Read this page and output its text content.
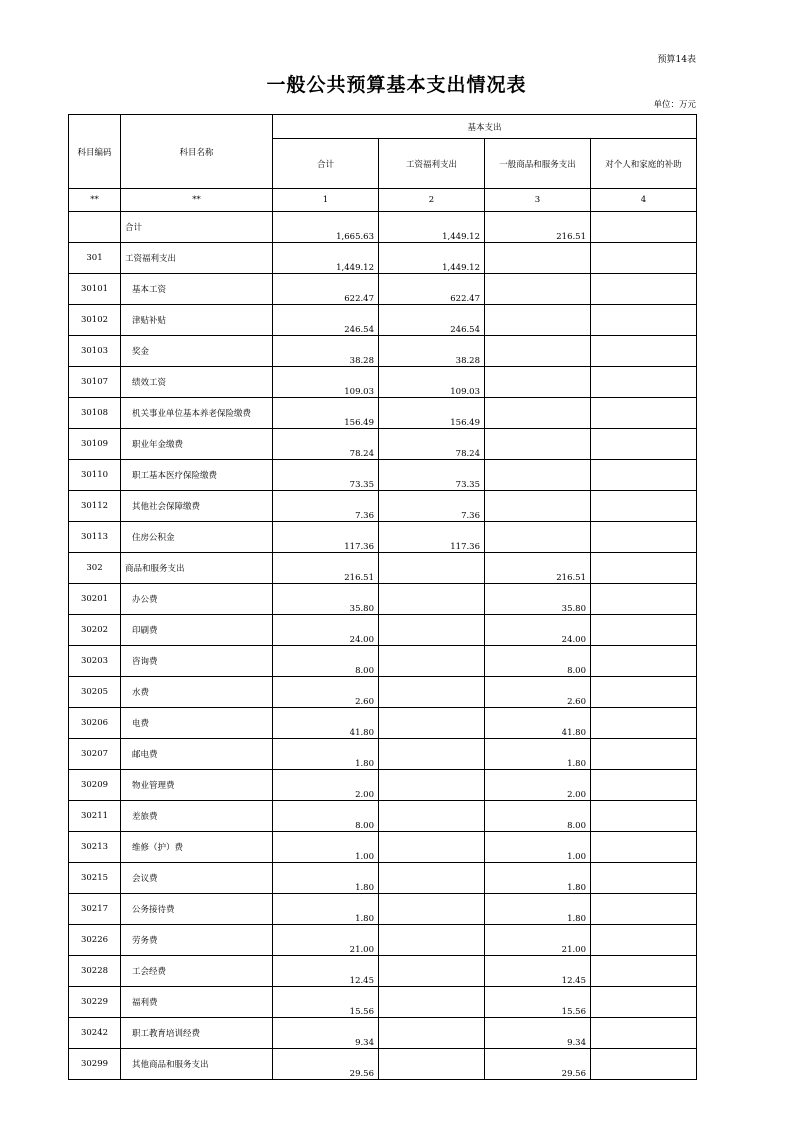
预算14表
一般公共预算基本支出情况表
单位：万元
科目编码	科目名称	基本支出			
		合计	工资福利支出	一般商品和服务支出	对个人和家庭的补助
**	**	1	2	3	4
	合计	1,665.63	1,449.12	216.51	
301	工资福利支出	1,449.12	1,449.12		
30101	基本工资	622.47	622.47		
30102	津贴补贴	246.54	246.54		
30103	奖金	38.28	38.28		
30107	绩效工资	109.03	109.03		
30108	机关事业单位基本养老保险缴费	156.49	156.49		
30109	职业年金缴费	78.24	78.24		
30110	职工基本医疗保险缴费	73.35	73.35		
30112	其他社会保障缴费	7.36	7.36		
30113	住房公积金	117.36	117.36		
302	商品和服务支出	216.51		216.51	
30201	办公费	35.80		35.80	
30202	印刷费	24.00		24.00	
30203	咨询费	8.00		8.00	
30205	水费	2.60		2.60	
30206	电费	41.80		41.80	
30207	邮电费	1.80		1.80	
30209	物业管理费	2.00		2.00	
30211	差旅费	8.00		8.00	
30213	维修（护）费	1.00		1.00	
30215	会议费	1.80		1.80	
30217	公务接待费	1.80		1.80	
30226	劳务费	21.00		21.00	
30228	工会经费	12.45		12.45	
30229	福利费	15.56		15.56	
30242	职工教育培训经费	9.34		9.34	
30299	其他商品和服务支出	29.56		29.56	
